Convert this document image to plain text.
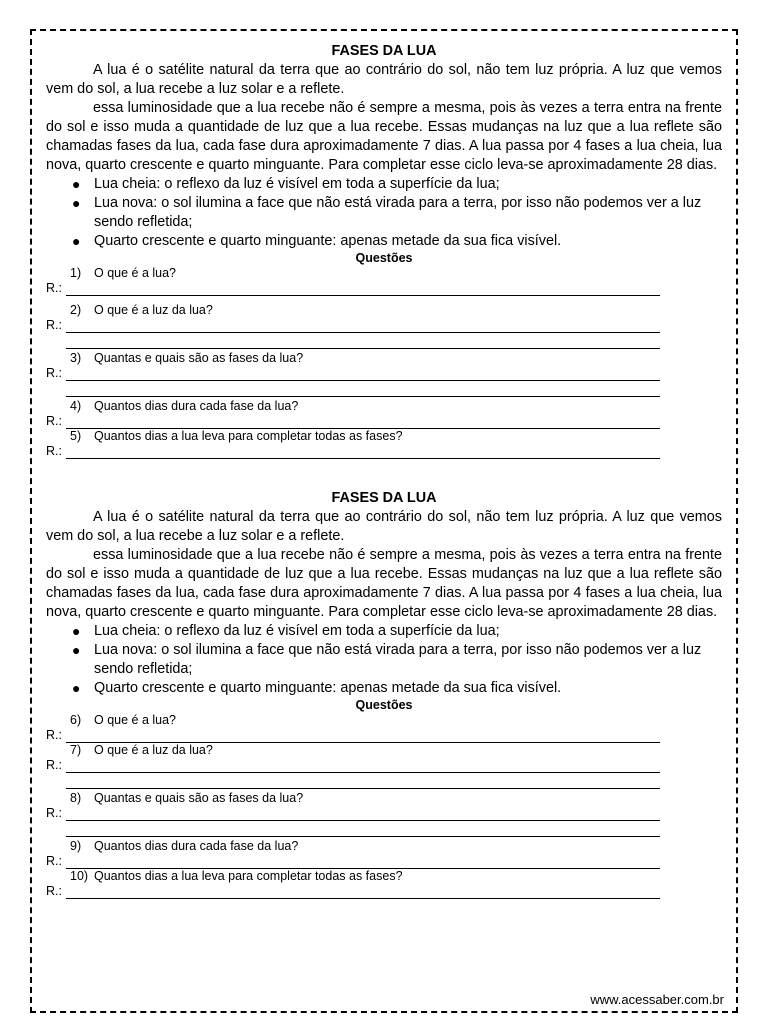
FASES DA LUA

A lua é o satélite natural da terra que ao contrário do sol, não tem luz própria. A luz que vemos vem do sol, a lua recebe a luz solar e a reflete.

essa luminosidade que a lua recebe não é sempre a mesma, pois às vezes a terra entra na frente do sol e isso muda a quantidade de luz que a lua recebe. Essas mudanças na luz que a lua reflete são chamadas fases da lua, cada fase dura aproximadamente 7 dias. A lua passa por 4 fases a lua cheia, lua nova, quarto crescente e quarto minguante. Para completar esse ciclo leva-se aproximadamente 28 dias.

● Lua cheia: o reflexo da luz é visível em toda a superfície da lua;
● Lua nova: o sol ilumina a face que não está virada para a terra, por isso não podemos ver a luz sendo refletida;
● Quarto crescente e quarto minguante: apenas metade da sua fica visível.
Questões
1)	O que é a lua?
R.:
2)	O que é a luz da lua?
R.:
3)	Quantas e quais são as fases da lua?
R.:
4)	Quantos dias dura cada fase da lua?
R.:
5)	Quantos dias a lua leva para completar todas as fases?
R.:
FASES DA LUA

A lua é o satélite natural da terra que ao contrário do sol, não tem luz própria. A luz que vemos vem do sol, a lua recebe a luz solar e a reflete.

essa luminosidade que a lua recebe não é sempre a mesma, pois às vezes a terra entra na frente do sol e isso muda a quantidade de luz que a lua recebe. Essas mudanças na luz que a lua reflete são chamadas fases da lua, cada fase dura aproximadamente 7 dias. A lua passa por 4 fases a lua cheia, lua nova, quarto crescente e quarto minguante. Para completar esse ciclo leva-se aproximadamente 28 dias.

● Lua cheia: o reflexo da luz é visível em toda a superfície da lua;
● Lua nova: o sol ilumina a face que não está virada para a terra, por isso não podemos ver a luz sendo refletida;
● Quarto crescente e quarto minguante: apenas metade da sua fica visível.
Questões
6)	O que é a lua?
R.:
7)	O que é a luz da lua?
R.:
8)	Quantas e quais são as fases da lua?
R.:
9)	Quantos dias dura cada fase da lua?
R.:
10) Quantos dias a lua leva para completar todas as fases?
R.:
www.acessaber.com.br
